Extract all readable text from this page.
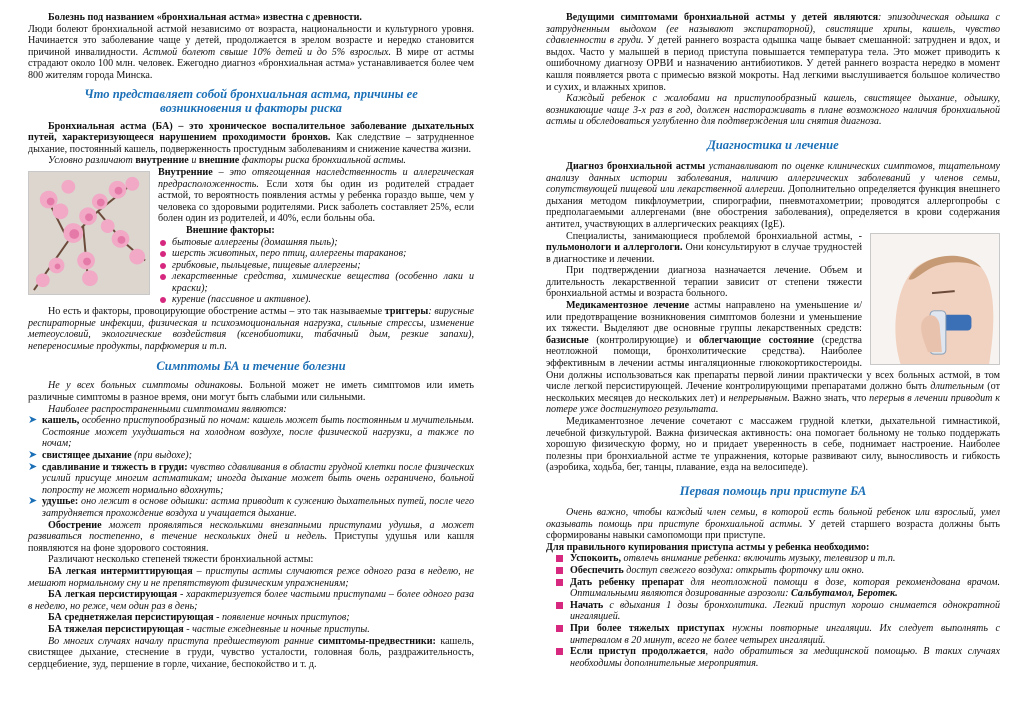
Болезнь под названием «бронхиальная астма» известна с древности.
Люди болеют бронхиальной астмой независимо от возраста, национальности и культурного уровня. Начинается это заболевание чаще у детей, продолжается в зрелом возрасте и нередко становится причиной инвалидности. Астмой болеют свыше 10% детей и до 5% взрослых. В мире от астмы страдают около 100 млн. человек. Ежегодно диагноз «бронхиальная астма» устанавливается более чем 800 жителям города Минска.

Что представляет собой бронхиальная астма, причины ее возникновения и факторы риска

Бронхиальная астма (БА) – это хроническое воспалительное заболевание дыхательных путей, характеризующееся нарушением проходимости бронхов. Как следствие – затрудненное дыхание, постоянный кашель, подверженность простудным заболеваниям и снижение качества жизни.

Условно различают внутренние и внешние факторы риска бронхиальной астмы.

Внутренние – это отягощенная наследственность и аллергическая предрасположенность. Если хотя бы один из родителей страдает астмой, то вероятность появления астмы у ребенка гораздо выше, чем у человека со здоровыми родителями. Риск заболеть составляет 25%, если болен один из родителей, и 40%, если больны оба.

Внешние факторы:
бытовые аллергены (домашняя пыль);
шерсть животных, перо птиц, аллергены тараканов;
грибковые, пыльцевые, пищевые аллергены;
лекарственные средства, химические вещества (особенно лаки и краски);
курение (пассивное и активное).

Но есть и факторы, провоцирующие обострение астмы – это так называемые триггеры: вирусные респираторные инфекции, физическая и психоэмоциональная нагрузка, сильные стрессы, изменение метеоусловий, экологические воздействия (ксенобиотики, табачный дым, резкие запахи), непереносимые продукты, парфюмерия и т.п.

Симптомы БА и течение болезни

Не у всех больных симптомы одинаковы. Больной может не иметь симптомов или иметь различные симптомы в разное время, они могут быть слабыми или сильными.

Наиболее распространенными симптомами являются:

➤ кашель, особенно приступообразный по ночам: кашель может быть постоянным и мучительным. Состояние может ухудшаться на холодном воздухе, после физической нагрузки, а также по ночам;
➤ свистящее дыхание (при выдохе);
➤ сдавливание и тяжесть в груди: чувство сдавливания в области грудной клетки после физических усилий присуще многим астматикам; иногда дыхание может быть очень ограничено, больной попросту не может нормально вдохнуть;
➤ удушье: оно лежит в основе одышки: астма приводит к сужению дыхательных путей, после чего затрудняется прохождение воздуха и учащается дыхание.

Обострение может проявляться несколькими внезапными приступами удушья, а может развиваться постепенно, в течение нескольких дней и недель. Приступы удушья или кашля появляются на фоне здорового состояния.

Различают несколько степеней тяжести бронхиальной астмы:

БА легкая интермиттирующая – приступы астмы случаются реже одного раза в неделю, не мешают нормальному сну и не препятствуют физическим упражнениям;

БА легкая персистирующая - характеризуется более частыми приступами – более одного раза в неделю, но реже, чем один раз в день;

БА среднетяжелая персистирующая - появление ночных приступов;

БА тяжелая персистирующая - частые ежедневные и ночные приступы.

Во многих случаях началу приступа предшествуют ранние симптомы-предвестники: кашель, свистящее дыхание, стеснение в груди, чувство усталости, головная боль, раздражительность, сердцебиение, зуд, першение в горле, чихание, беспокойство и т. д.

Ведущими симптомами бронхиальной астмы у детей являются: эпизодическая одышка с затрудненным выдохом (ее называют экспираторной), свистящие хрипы, кашель, чувство сдавленности в груди. У детей раннего возраста одышка чаще бывает смешанной: затруднен и вдох, и выдох. Часто у малышей в период приступа повышается температура тела. Это может приводить к ошибочному диагнозу ОРВИ и назначению антибиотиков. У детей раннего возраста нередко в момент кашля появляется рвота с примесью вязкой мокроты. Над легкими выслушивается большое количество и сухих, и влажных хрипов.

Каждый ребенок с жалобами на приступообразный кашель, свистящее дыхание, одышку, возникающие чаще 3-х раз в год, должен настораживать в плане возможного наличия бронхиальной астмы и обследоваться углубленно для подтверждения или снятия диагноза.

Диагностика и лечение

Диагноз бронхиальной астмы устанавливают по оценке клинических симптомов, тщательному анализу данных истории заболевания, наличию аллергических заболеваний у членов семьи, сопутствующей пищевой или лекарственной аллергии. Дополнительно определяется функция внешнего дыхания методом пикфлоуметрии, спирографии, пневмотахометрии; проводятся аллергопробы с предполагаемыми аллергенами (вне обострения заболевания), определяется в крови содержания антител, участвующих в аллергических реакциях (IgE).

Специалисты, занимающиеся проблемой бронхиальной астмы, - пульмонологи и аллергологи. Они консультируют в случае трудностей в диагностике и лечении.

При подтверждении диагноза назначается лечение. Объем и длительность лекарственной терапии зависит от степени тяжести бронхиальной астмы и возраста больного.

Медикаментозное лечение астмы направлено на уменьшение и/или предотвращение возникновения симптомов болезни и уменьшение их тяжести. Выделяют две основные группы лекарственных средств: базисные (контролирующие) и облегчающие состояние (средства неотложной помощи, бронхолитические средства). Наиболее эффективным в лечении астмы ингаляционные глюкокортикостероиды. Они должны использоваться как препараты первой линии практически у всех больных астмой, в том числе легкой персистирующей. Лечение контролирующими препаратами должно быть длительным (от нескольких месяцев до нескольких лет) и непрерывным. Важно знать, что перерыв в лечении приводит к потере уже достигнутого результата.

Медикаментозное лечение сочетают с массажем грудной клетки, дыхательной гимнастикой, лечебной физкультурой. Важна физическая активность: она помогает больному не только поддержать хорошую физическую форму, но и придает уверенность в себе, поднимает настроение. Наиболее полезны при бронхиальной астме те упражнения, которые развивают силу, выносливость и гибкость (аэробика, ходьба, бег, танцы, плавание, езда на велосипеде).

Первая помощь при приступе БА

Очень важно, чтобы каждый член семьи, в которой есть больной ребенок или взрослый, умел оказывать помощь при приступе бронхиальной астмы. У детей старшего возраста должны быть сформированы навыки самопомощи при приступе.

Для правильного купирования приступа астмы у ребенка необходимо:
Успокоить, отвлечь внимание ребенка: включить музыку, телевизор и т.п.
Обеспечить доступ свежего воздуха: открыть форточку или окно.
Дать ребенку препарат для неотложной помощи в дозе, которая рекомендована врачом. Оптимальными являются дозированные аэрозоли: Сальбутамол, Беротек.
Начать с вдыхания 1 дозы бронхолитика. Легкий приступ хорошо снимается однократной ингаляцией.
При более тяжелых приступах нужны повторные ингаляции. Их следует выполнять с интервалом в 20 минут, всего не более четырех ингаляций.
Если приступ продолжается, надо обратиться за медицинской помощью. В таких случаях необходимы дополнительные мероприятия.
